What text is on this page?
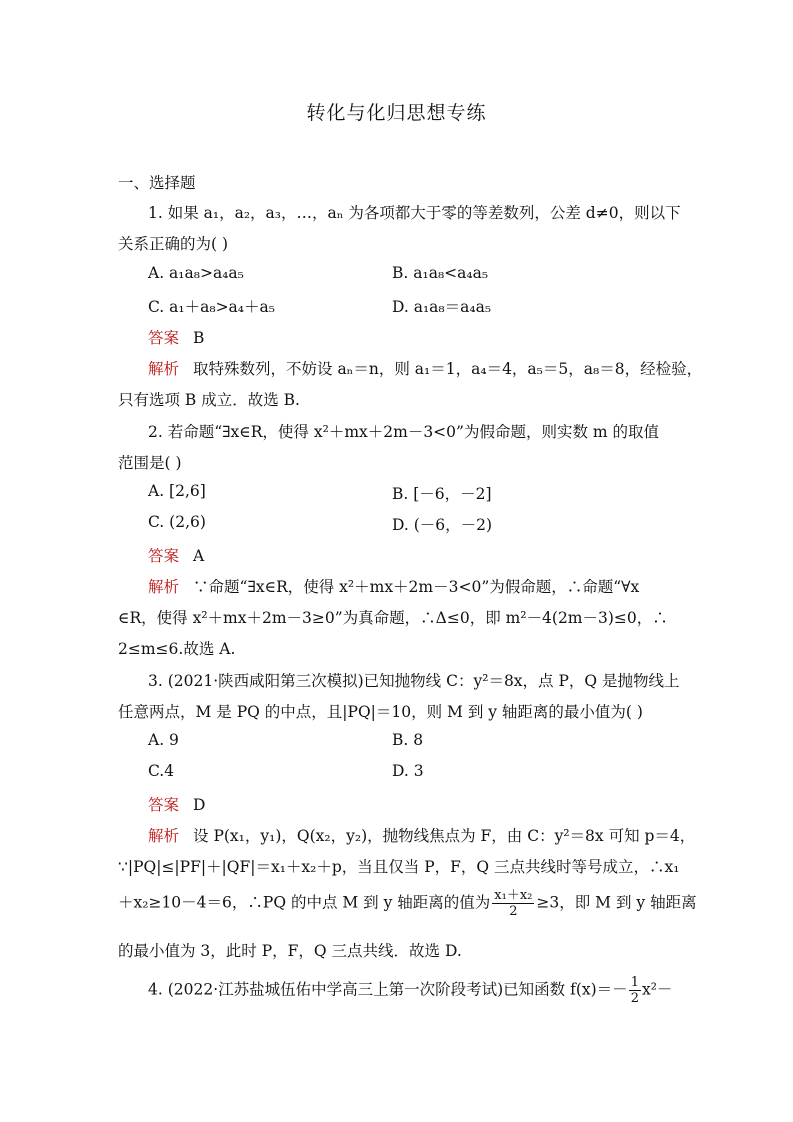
转化与化归思想专练
一、选择题
1. 如果 a₁，a₂，a₃，…，aₙ 为各项都大于零的等差数列，公差 d≠0，则以下
关系正确的为( )
A. a₁a₈>a₄a₅	B. a₁a₈<a₄a₅
C. a₁＋a₈>a₄＋a₅	D. a₁a₈＝a₄a₅
答案 B
解析 取特殊数列，不妨设 aₙ＝n，则 a₁＝1，a₄＝4，a₅＝5，a₈＝8，经检验，
只有选项 B 成立．故选 B.
2. 若命题“∃x∈R，使得 x²＋mx＋2m－3<0”为假命题，则实数 m 的取值
范围是( )
A. [2,6]	B. [－6，－2]
C. (2,6)	D. (－6，－2)
答案 A
解析 ∵命题“∃x∈R，使得 x²＋mx＋2m－3<0”为假命题，∴命题“∀x
∈R，使得 x²＋mx＋2m－3≥0”为真命题，∴Δ≤0，即 m²－4(2m－3)≤0，∴
2≤m≤6.故选 A.
3. (2021·陕西咸阳第三次模拟)已知抛物线 C：y²＝8x，点 P，Q 是抛物线上
任意两点，M 是 PQ 的中点，且|PQ|＝10，则 M 到 y 轴距离的最小值为( )
A. 9	B. 8
C.4	D. 3
答案 D
解析 设 P(x₁，y₁)，Q(x₂，y₂)，抛物线焦点为 F，由 C：y²＝8x 可知 p＝4，
∵|PQ|≤|PF|＋|QF|＝x₁＋x₂＋p，当且仅当 P，F，Q 三点共线时等号成立，∴x₁
＋x₂≥10－4＝6，∴PQ 的中点 M 到 y 轴距离的值为 $\frac{\text{x₁＋x₂}}{2} \ge 3$，即 M 到 y 轴距离
的最小值为 3，此时 P，F，Q 三点共线．故选 D.
4. (2022·江苏盐城伍佑中学高三上第一次阶段考试)已知函数 $f(x)=- \frac{1}{2} x^2-$
